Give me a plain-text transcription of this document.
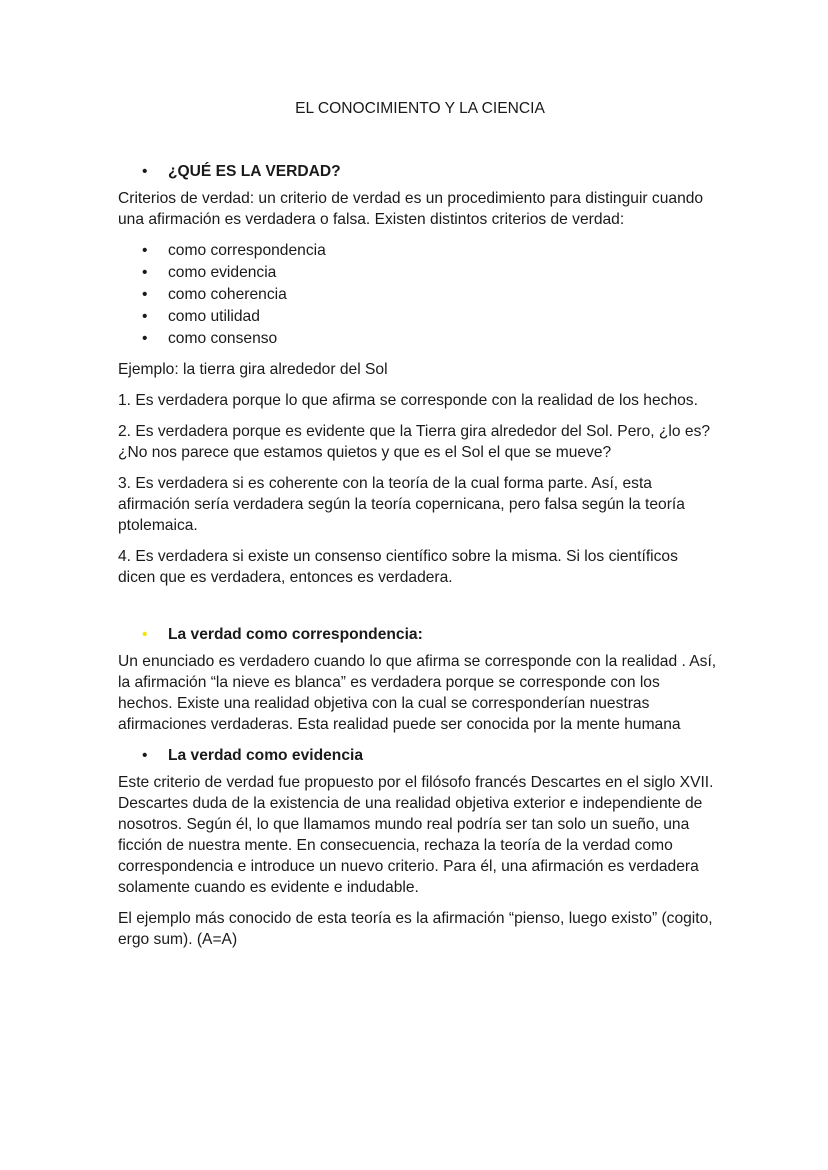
EL CONOCIMIENTO Y LA CIENCIA
• ¿QUÉ ES LA VERDAD?

Criterios de verdad: un criterio de verdad es un procedimiento para distinguir cuando una afirmación es verdadera o falsa. Existen distintos criterios de verdad:

• como correspondencia
• como evidencia
• como coherencia
• como utilidad
• como consenso

Ejemplo: la tierra gira alrededor del Sol

1. Es verdadera porque lo que afirma se corresponde con la realidad de los hechos.

2. Es verdadera porque es evidente que la Tierra gira alrededor del Sol. Pero, ¿lo es? ¿No nos parece que estamos quietos y que es el Sol el que se mueve?

3. Es verdadera si es coherente con la teoría de la cual forma parte. Así, esta afirmación sería verdadera según la teoría copernicana, pero falsa según la teoría ptolemaica.

4. Es verdadera si existe un consenso científico sobre la misma. Si los científicos dicen que es verdadera, entonces es verdadera.

• La verdad como correspondencia:

Un enunciado es verdadero cuando lo que afirma se corresponde con la realidad . Así, la afirmación “la nieve es blanca” es verdadera porque se corresponde con los hechos. Existe una realidad objetiva con la cual se corresponderían nuestras afirmaciones verdaderas. Esta realidad puede ser conocida por la mente humana

• La verdad como evidencia

Este criterio de verdad fue propuesto por el filósofo francés Descartes en el siglo XVII. Descartes duda de la existencia de una realidad objetiva exterior e independiente de nosotros. Según él, lo que llamamos mundo real podría ser tan solo un sueño, una ficción de nuestra mente. En consecuencia, rechaza la teoría de la verdad como correspondencia e introduce un nuevo criterio. Para él, una afirmación es verdadera solamente cuando es evidente e indudable.

El ejemplo más conocido de esta teoría es la afirmación “pienso, luego existo” (cogito, ergo sum). (A=A)
